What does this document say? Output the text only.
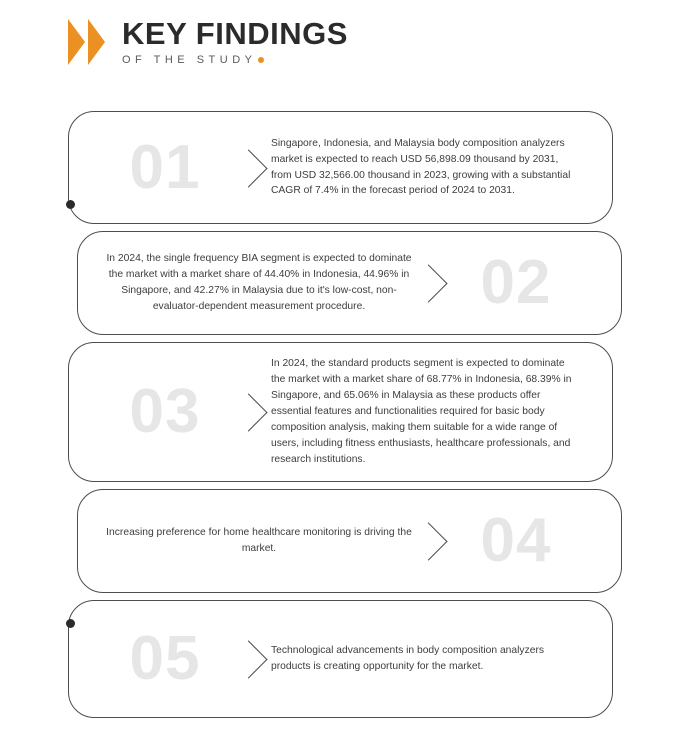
KEY FINDINGS
OF THE STUDY
01	Singapore, Indonesia, and Malaysia body composition analyzers market is expected to reach USD 56,898.09 thousand by 2031, from USD 32,566.00 thousand in 2023, growing with a substantial CAGR of 7.4% in the forecast period of 2024 to 2031.
In 2024, the single frequency BIA segment is expected to dominate the market with a market share of 44.40% in Indonesia, 44.96% in Singapore, and 42.27% in Malaysia due to it's low-cost, non-evaluator-dependent measurement procedure.	02
03
In 2024, the standard products segment is expected to dominate the market with a market share of 68.77% in Indonesia, 68.39% in Singapore, and 65.06% in Malaysia as these products offer essential features and functionalities required for basic body composition analysis, making them suitable for a wide range of users, including fitness enthusiasts, healthcare professionals, and research institutions.
Increasing preference for home healthcare monitoring is driving the market.	04
05	Technological advancements in body composition analyzers products is creating opportunity for the market.
